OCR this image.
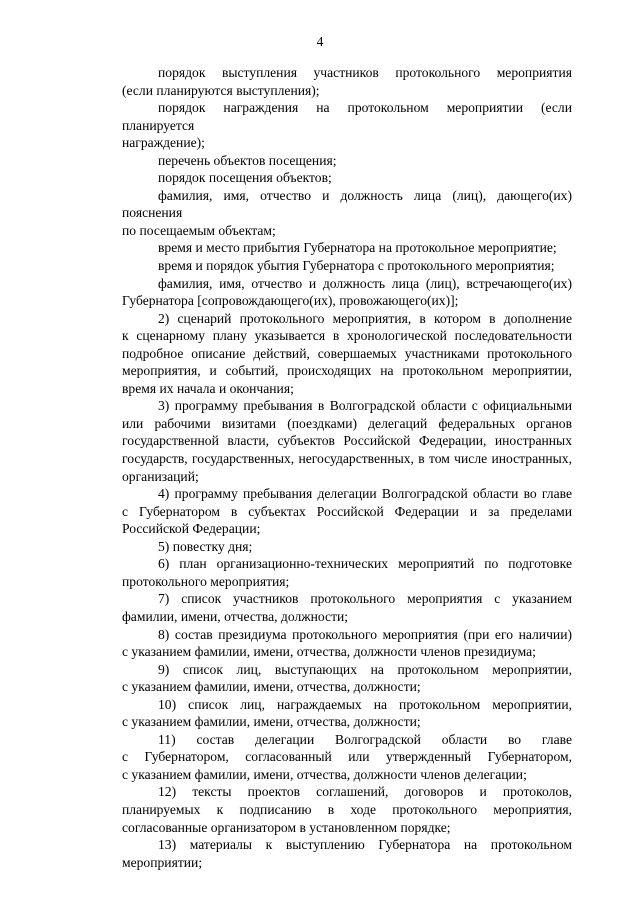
4
порядок выступления участников протокольного мероприятия
(если планируются выступления);
порядок награждения на протокольном мероприятии (если планируется
награждение);
перечень объектов посещения;
порядок посещения объектов;
фамилия, имя, отчество и должность лица (лиц), дающего(их) пояснения
по посещаемым объектам;
время и место прибытия Губернатора на протокольное мероприятие;
время и порядок убытия Губернатора с протокольного мероприятия;
фамилия, имя, отчество и должность лица (лиц), встречающего(их)
Губернатора [сопровождающего(их), провожающего(их)];
2) сценарий протокольного мероприятия, в котором в дополнение
к сценарному плану указывается в хронологической последовательности
подробное описание действий, совершаемых участниками протокольного
мероприятия, и событий, происходящих на протокольном мероприятии,
время их начала и окончания;
3) программу пребывания в Волгоградской области с официальными
или рабочими визитами (поездками) делегаций федеральных органов
государственной власти, субъектов Российской Федерации, иностранных
государств, государственных, негосударственных, в том числе иностранных,
организаций;
4) программу пребывания делегации Волгоградской области во главе
с Губернатором в субъектах Российской Федерации и за пределами
Российской Федерации;
5) повестку дня;
6) план организационно-технических мероприятий по подготовке
протокольного мероприятия;
7) список участников протокольного мероприятия с указанием
фамилии, имени, отчества, должности;
8) состав президиума протокольного мероприятия (при его наличии)
с указанием фамилии, имени, отчества, должности членов президиума;
9) список лиц, выступающих на протокольном мероприятии,
с указанием фамилии, имени, отчества, должности;
10) список лиц, награждаемых на протокольном мероприятии,
с указанием фамилии, имени, отчества, должности;
11) состав делегации Волгоградской области во главе
с Губернатором, согласованный или утвержденный Губернатором,
с указанием фамилии, имени, отчества, должности членов делегации;
12) тексты проектов соглашений, договоров и протоколов,
планируемых к подписанию в ходе протокольного мероприятия,
согласованные организатором в установленном порядке;
13) материалы к выступлению Губернатора на протокольном
мероприятии;
